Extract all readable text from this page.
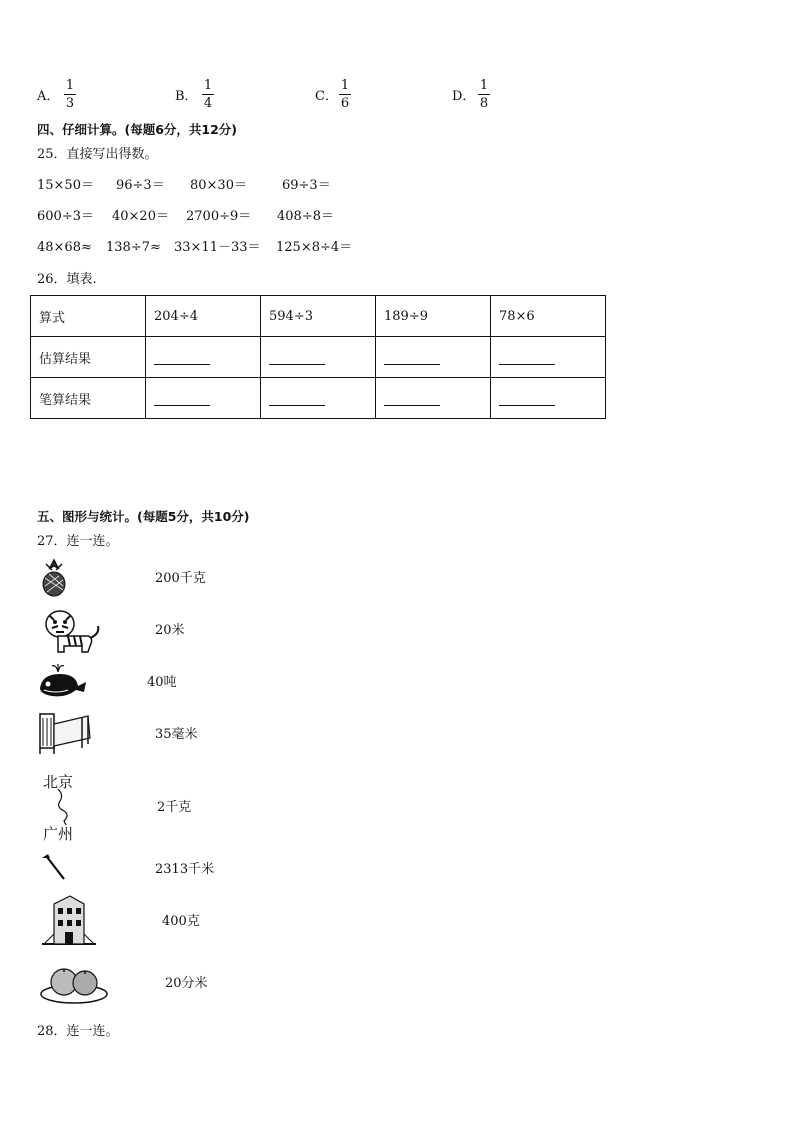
A．
1
3	B．
1
4	C．
1
6	D．
1
8
四、仔细计算。(每题6分，共12分)
25．直接写出得数。
15×50＝ 96÷3＝ 80×30＝	69÷3＝
600÷3＝ 40×20＝ 2700÷9＝ 408÷8＝
48×68≈ 138÷7≈ 33×11－33＝ 125×8÷4＝
26．填表.
算式	204÷4	594÷3	189÷9	78×6
估算结果				
笔算结果				
五、图形与统计。(每题5分，共10分)
27．连一连。
200千克
20米
40吨
35毫米
北京
广州
2千克
2313千米
400克
20分米
28．连一连。
